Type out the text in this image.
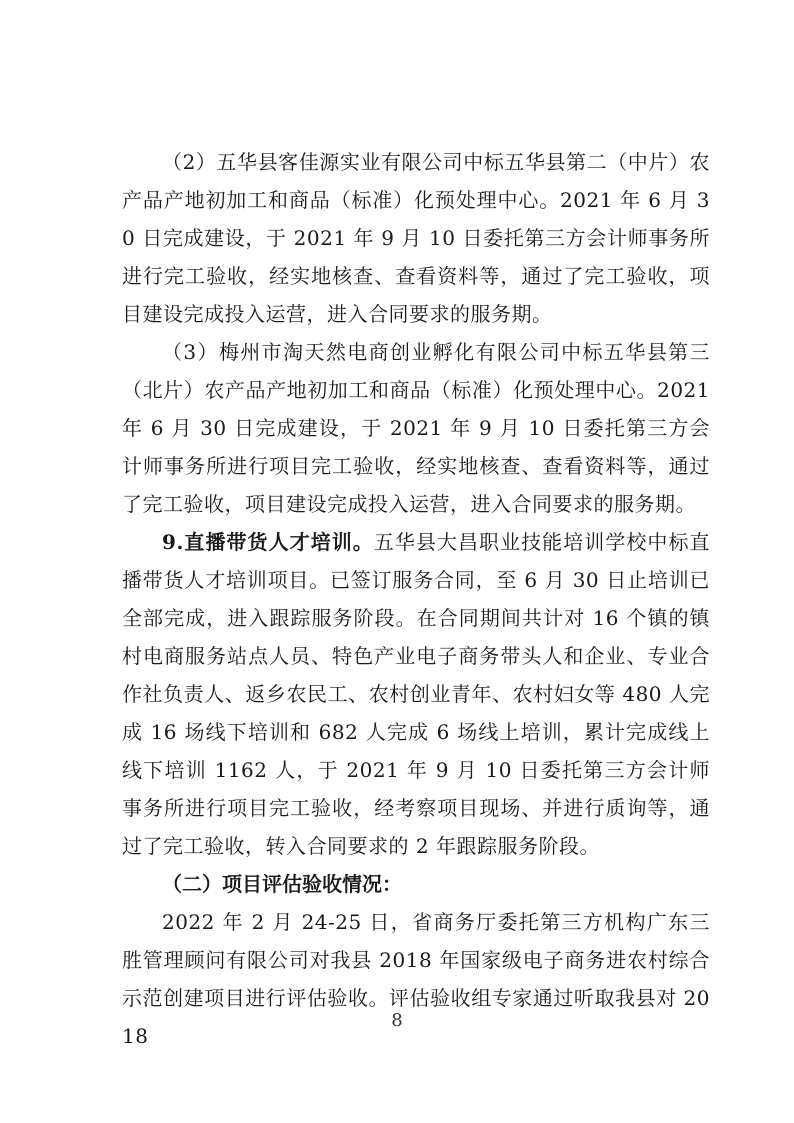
（2）五华县客佳源实业有限公司中标五华县第二（中片）农产品产地初加工和商品（标准）化预处理中心。2021 年 6 月 30 日完成建设，于 2021 年 9 月 10 日委托第三方会计师事务所进行完工验收，经实地核查、查看资料等，通过了完工验收，项目建设完成投入运营，进入合同要求的服务期。

（3）梅州市淘天然电商创业孵化有限公司中标五华县第三（北片）农产品产地初加工和商品（标准）化预处理中心。2021 年 6 月 30 日完成建设，于 2021 年 9 月 10 日委托第三方会计师事务所进行项目完工验收，经实地核查、查看资料等，通过了完工验收，项目建设完成投入运营，进入合同要求的服务期。

9.直播带货人才培训。五华县大昌职业技能培训学校中标直播带货人才培训项目。已签订服务合同，至 6 月 30 日止培训已全部完成，进入跟踪服务阶段。在合同期间共计对 16 个镇的镇村电商服务站点人员、特色产业电子商务带头人和企业、专业合作社负责人、返乡农民工、农村创业青年、农村妇女等 480 人完成 16 场线下培训和 682 人完成 6 场线上培训，累计完成线上线下培训 1162 人，于 2021 年 9 月 10 日委托第三方会计师事务所进行项目完工验收，经考察项目现场、并进行质询等，通过了完工验收，转入合同要求的 2 年跟踪服务阶段。

（二）项目评估验收情况：

2022 年 2 月 24-25 日，省商务厅委托第三方机构广东三胜管理顾问有限公司对我县 2018 年国家级电子商务进农村综合示范创建项目进行评估验收。评估验收组专家通过听取我县对 2018

8
